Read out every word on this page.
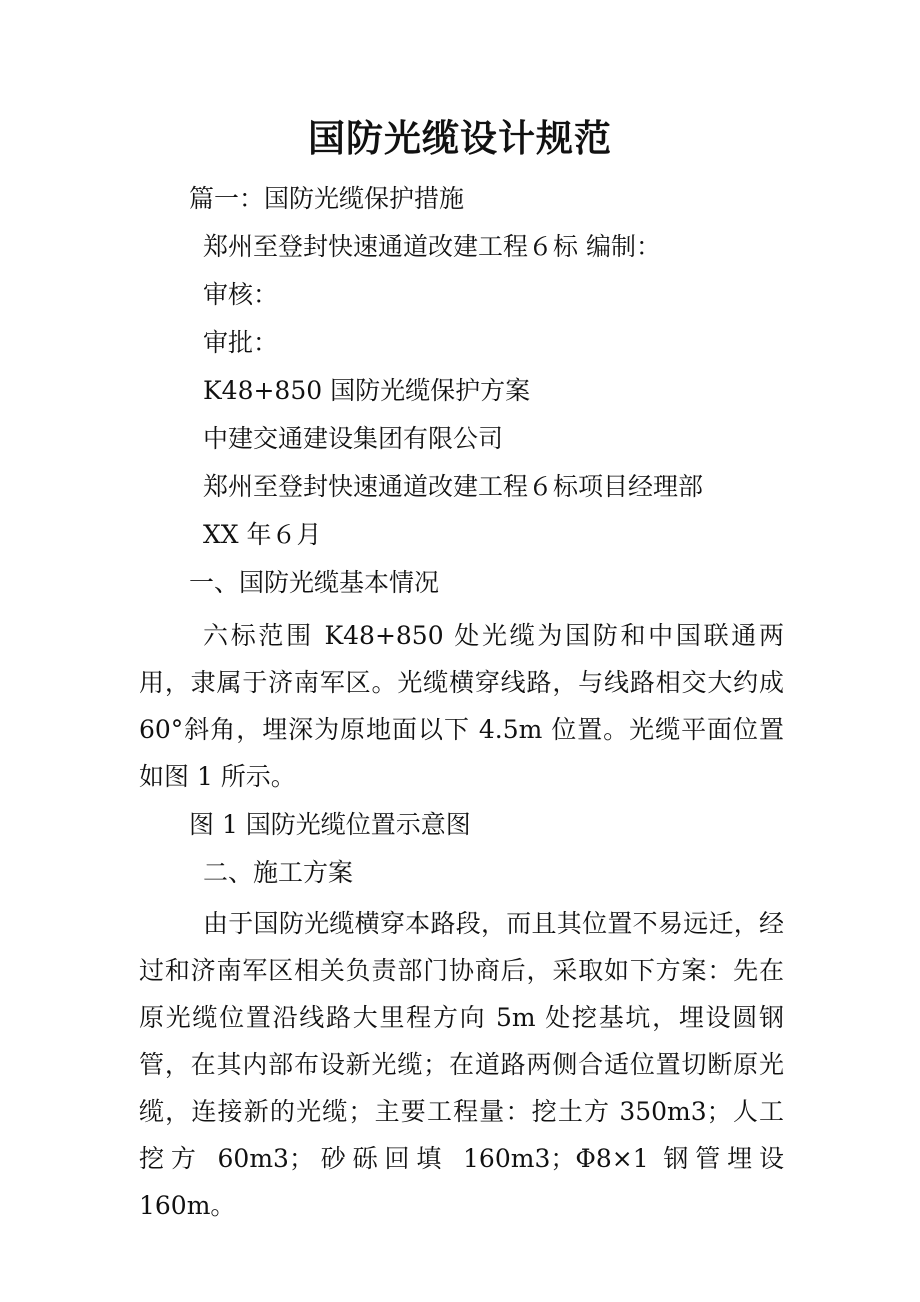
国防光缆设计规范

篇一：国防光缆保护措施

郑州至登封快速通道改建工程６标 编制：

审核：

审批：

K48+850 国防光缆保护方案

中建交通建设集团有限公司

郑州至登封快速通道改建工程６标项目经理部

XX 年６月

一、国防光缆基本情况

六标范围 K48+850 处光缆为国防和中国联通两用，隶属于济南军区。光缆横穿线路，与线路相交大约成 60°斜角，埋深为原地面以下 4.5m 位置。光缆平面位置如图 1 所示。

图 1 国防光缆位置示意图

二、施工方案

由于国防光缆横穿本路段，而且其位置不易远迁，经过和济南军区相关负责部门协商后，采取如下方案：先在原光缆位置沿线路大里程方向 5m 处挖基坑，埋设圆钢管，在其内部布设新光缆；在道路两侧合适位置切断原光缆，连接新的光缆；主要工程量：挖土方 350m3；人工挖方 60m3；砂砾回填 160m3；Φ8×1 钢管埋设 160m。
